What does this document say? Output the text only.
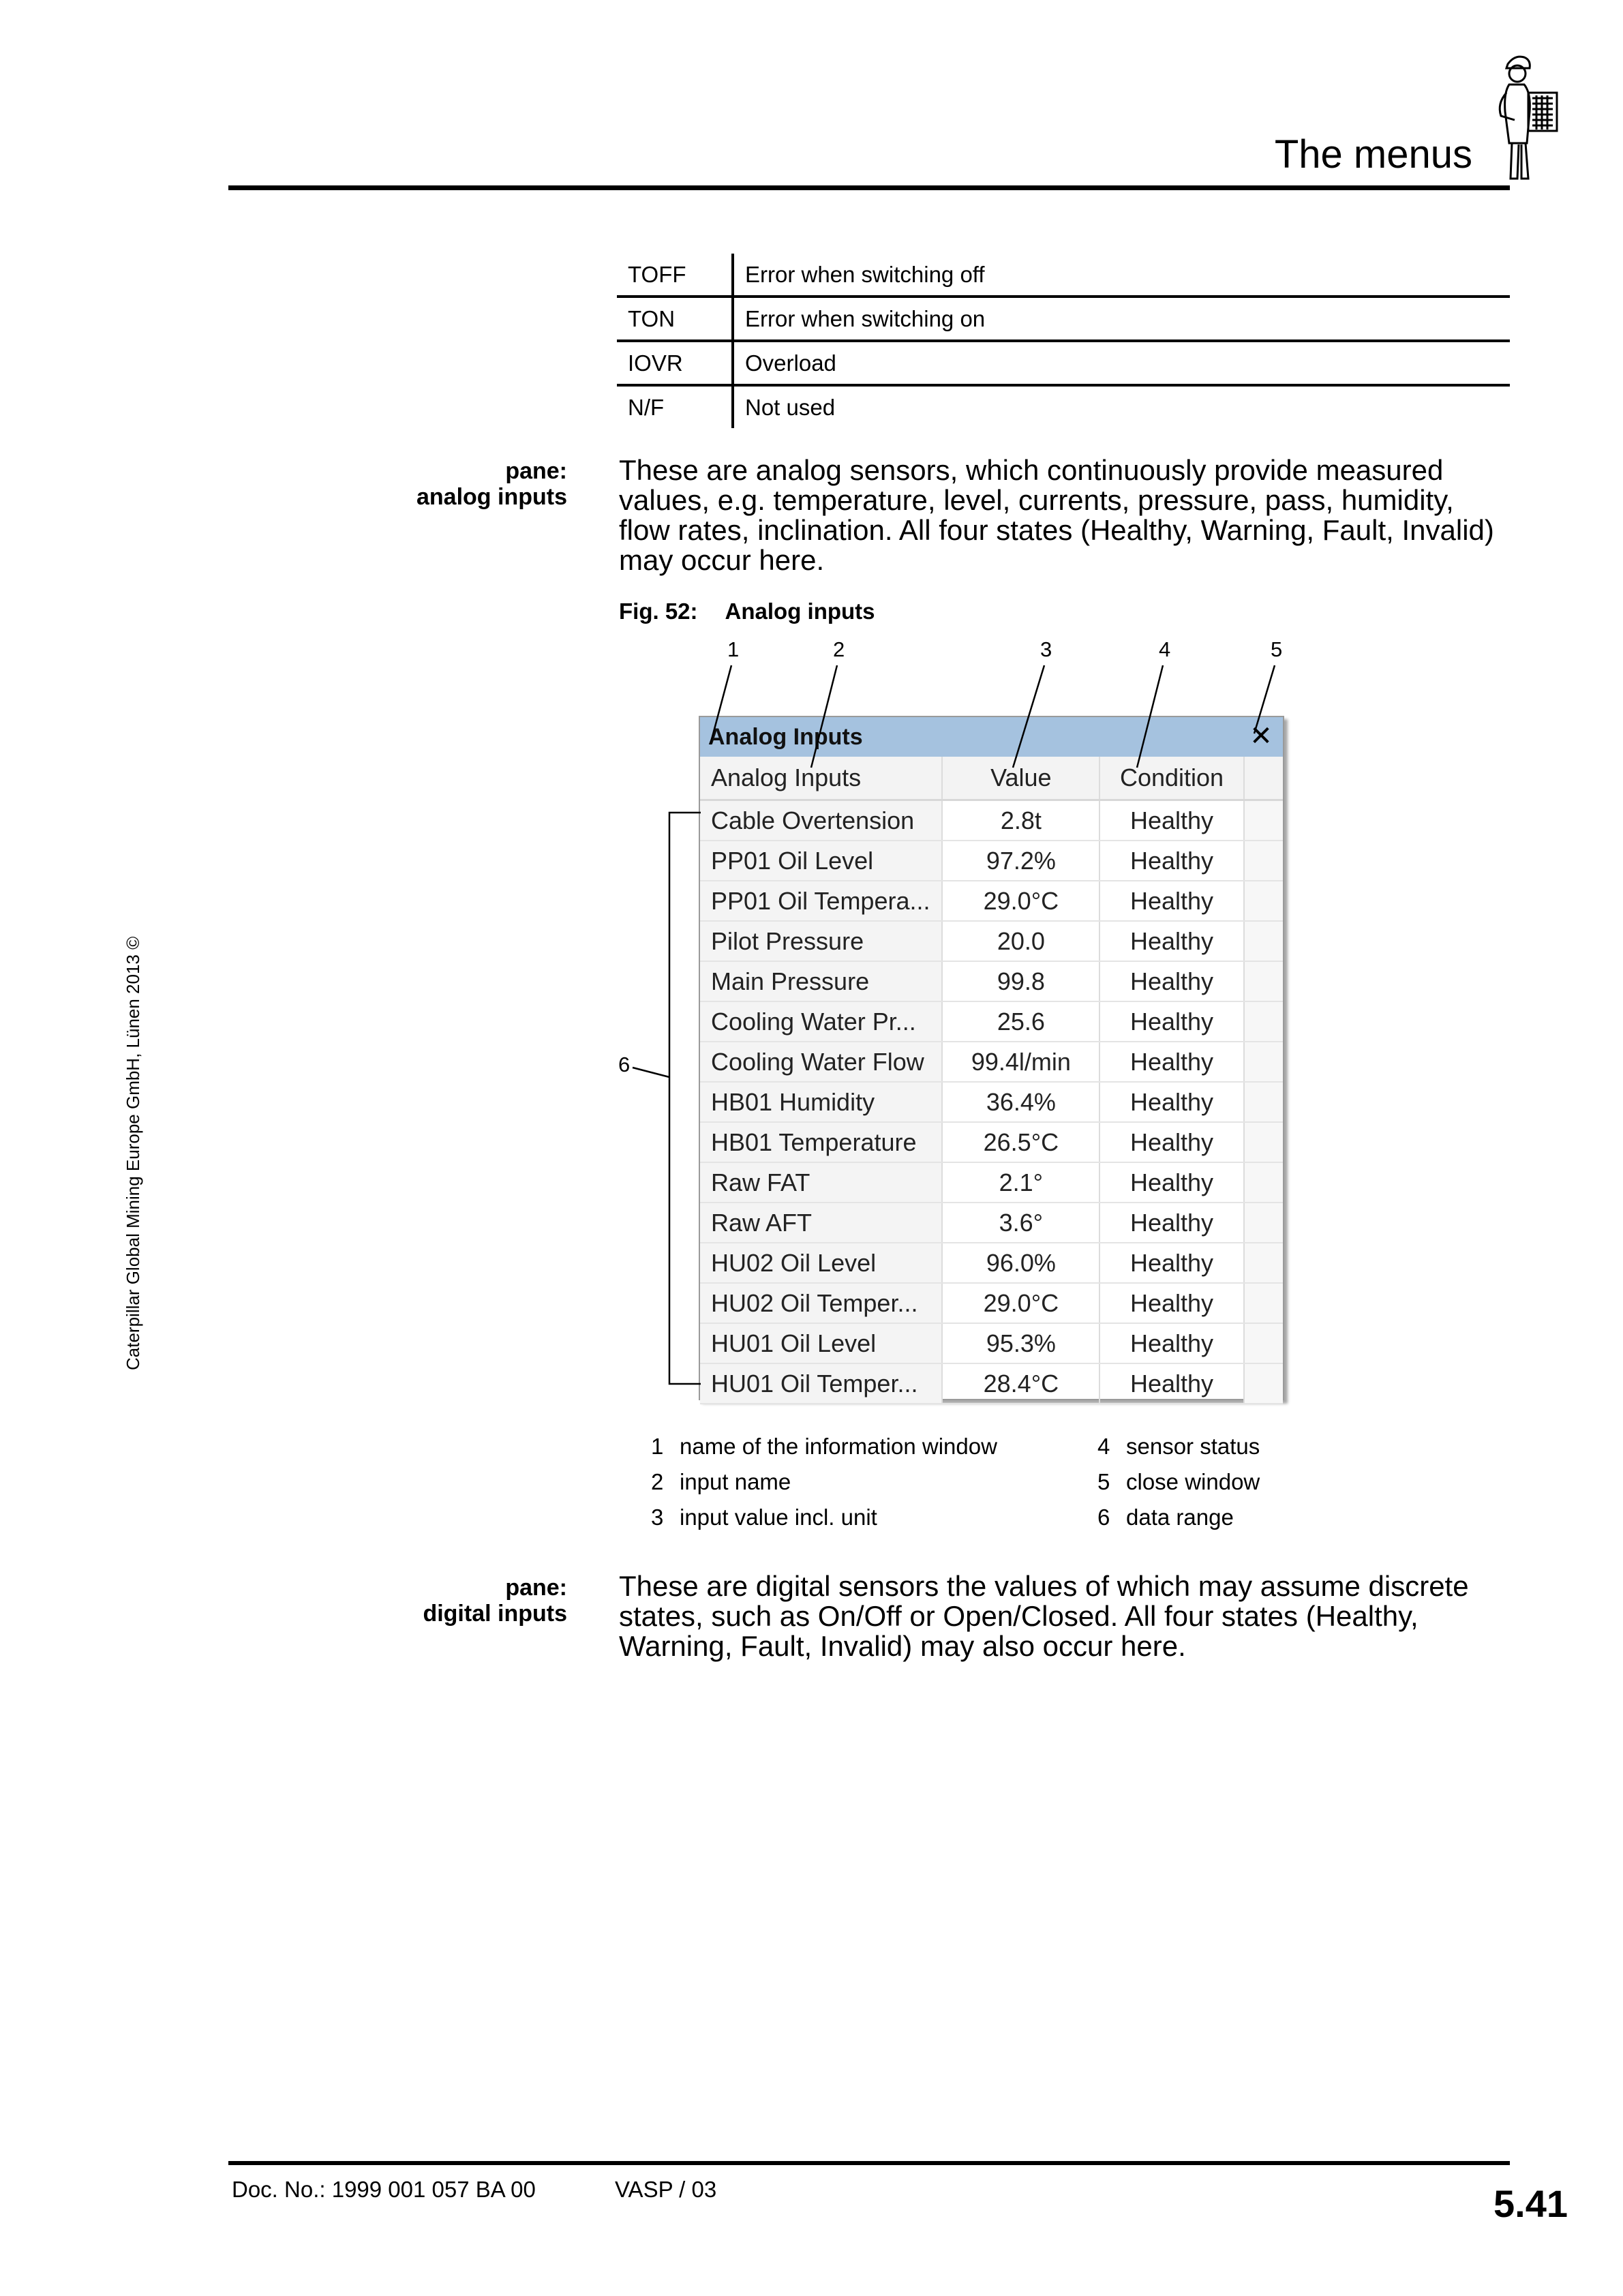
The menus
Caterpillar Global Mining Europe GmbH, Lünen 2013 ©
TOFF	Error when switching off
TON	Error when switching on
IOVR	Overload
N/F	Not used
pane:
analog inputs
These are analog sensors, which continuously provide measured values, e.g. temperature, level, currents, pressure, pass, humidity, flow rates, inclination. All four states (Healthy, Warning, Fault, Invalid) may occur here.
Fig. 52: Analog inputs
1	2	3	4	5
6
Analog Inputs	✕
Analog Inputs	Value	Condition	
Cable Overtension	2.8t	Healthy	
PP01 Oil Level	97.2%	Healthy	
PP01 Oil Tempera...	29.0°C	Healthy	
Pilot Pressure	20.0	Healthy	
Main Pressure	99.8	Healthy	
Cooling Water Pr...	25.6	Healthy	
Cooling Water Flow	99.4l/min	Healthy	
HB01 Humidity	36.4%	Healthy	
HB01 Temperature	26.5°C	Healthy	
Raw FAT	2.1°	Healthy	
Raw AFT	3.6°	Healthy	
HU02 Oil Level	96.0%	Healthy	
HU02 Oil Temper...	29.0°C	Healthy	
HU01 Oil Level	95.3%	Healthy	
HU01 Oil Temper...	28.4°C	Healthy	
1 name of the information window
2 input name
3 input value incl. unit
4 sensor status
5 close window
6 data range
pane:
digital inputs
These are digital sensors the values of which may assume discrete states, such as On/Off or Open/Closed. All four states (Healthy, Warning, Fault, Invalid) may also occur here.
Doc. No.: 1999 001 057 BA 00	VASP / 03	5.41
